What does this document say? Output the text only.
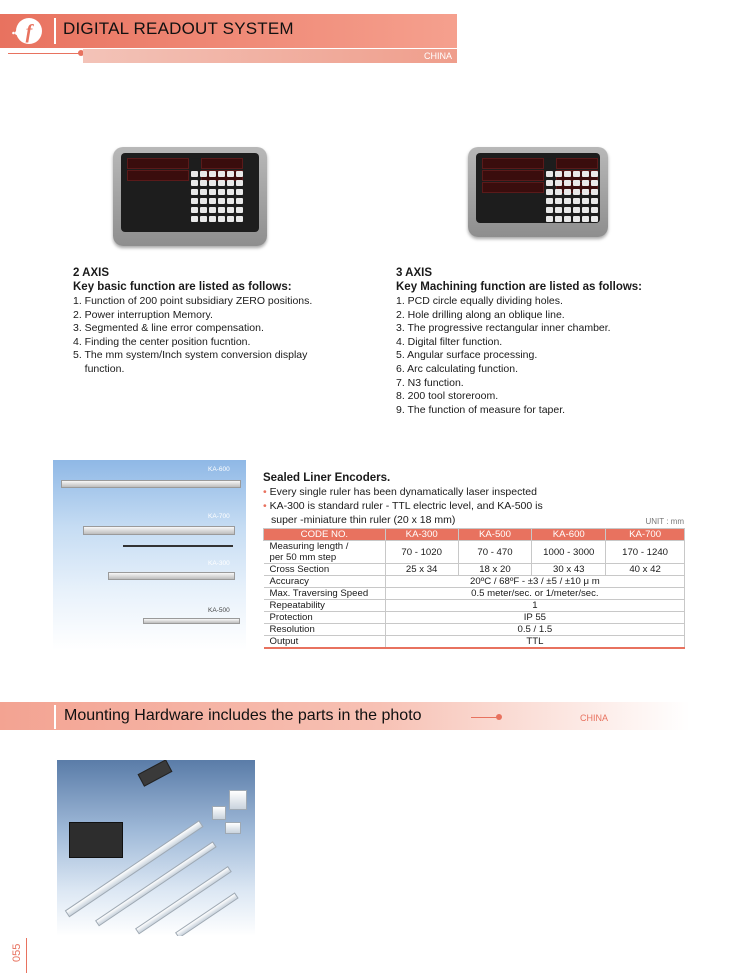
f DIGITAL READOUT SYSTEM
CHINA
2 AXIS
Key basic function are listed as follows:
1. Function of 200 point subsidiary ZERO positions.
2. Power interruption Memory.
3. Segmented & line error compensation.
4. Finding the center position fucntion.
5. The mm system/Inch system conversion display
function.
3 AXIS
Key Machining function are listed as follows:
1. PCD circle equally dividing holes.
2. Hole drilling along an oblique line.
3. The progressive rectangular inner chamber.
4. Digital filter function.
5. Angular surface processing.
6. Arc calculating function.
7. N3 function.
8. 200 tool storeroom.
9. The function of measure for taper.
KA-600
KA-700
KA-300
KA-500
Sealed Liner Encoders.
• Every single ruler has been dynamatically laser inspected
• KA-300 is standard ruler - TTL electric level, and KA-500 is
super -miniature thin ruler (20 x 18 mm)	UNIT : mm
CODE NO.	KA-300	KA-500	KA-600	KA-700
Measuring length /
per 50 mm step	70 - 1020	70 - 470	1000 - 3000	170 - 1240
Cross Section	25 x 34	18 x 20	30 x 43	40 x 42
Accuracy	20ºC / 68ºF - ±3 / ±5 / ±10 μ m			
Max. Traversing Speed	0.5 meter/sec. or 1/meter/sec.			
Repeatability	1			
Protection	IP 55			
Resolution	0.5 / 1.5			
Output	TTL			
Mounting Hardware includes the parts in the photo	CHINA
055
